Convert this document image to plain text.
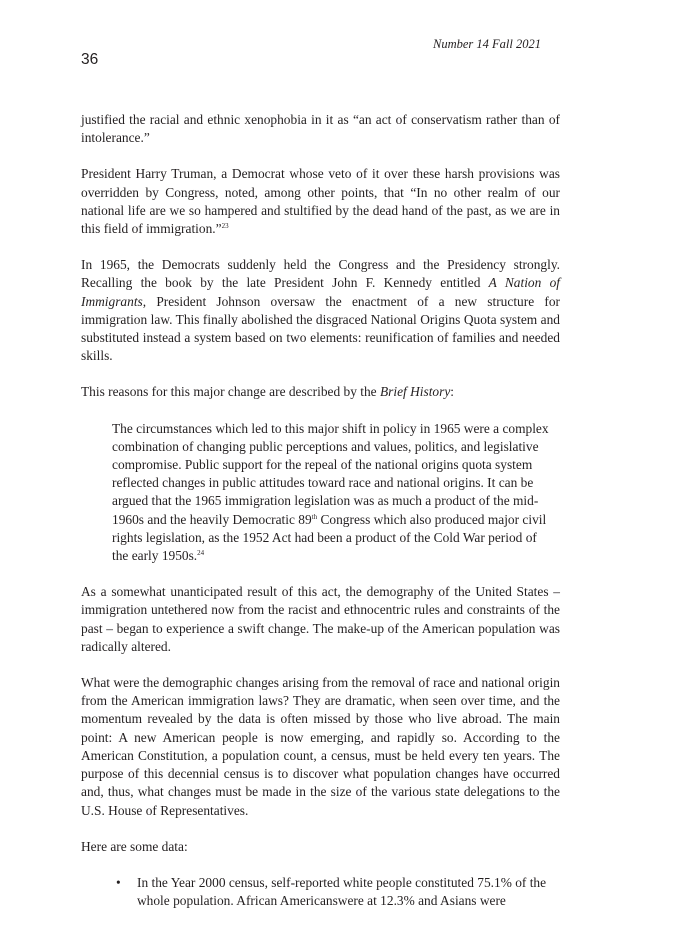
Number 14 Fall 2021
36

justified the racial and ethnic xenophobia in it as “an act of conservatism rather than of intolerance.”

President Harry Truman, a Democrat whose veto of it over these harsh provisions was overridden by Congress, noted, among other points, that “In no other realm of our national life are we so hampered and stultified by the dead hand of the past, as we are in this field of immigration.”$^{23}$

In 1965, the Democrats suddenly held the Congress and the Presidency strongly. Recalling the book by the late President John F. Kennedy entitled A Nation of Immigrants, President Johnson oversaw the enactment of a new structure for immigration law. This finally abolished the disgraced National Origins Quota system and substituted instead a system based on two elements: reunification of families and needed skills.

This reasons for this major change are described by the Brief History:

The circumstances which led to this major shift in policy in 1965 were a complex combination of changing public perceptions and values, politics, and legislative compromise. Public support for the repeal of the national origins quota system reflected changes in public attitudes toward race and national origins. It can be argued that the 1965 immigration legislation was as much a product of the mid-1960s and the heavily Democratic 89th Congress which also produced major civil rights legislation, as the 1952 Act had been a product of the Cold War period of the early 1950s.$^{24}$

As a somewhat unanticipated result of this act, the demography of the United States – immigration untethered now from the racist and ethnocentric rules and constraints of the past – began to experience a swift change. The make-up of the American population was radically altered.

What were the demographic changes arising from the removal of race and national origin from the American immigration laws? They are dramatic, when seen over time, and the momentum revealed by the data is often missed by those who live abroad. The main point: A new American people is now emerging, and rapidly so. According to the American Constitution, a population count, a census, must be held every ten years. The purpose of this decennial census is to discover what population changes have occurred and, thus, what changes must be made in the size of the various state delegations to the U.S. House of Representatives.

Here are some data:

• In the Year 2000 census, self-reported white people constituted 75.1% of the whole population. African Americanswere at 12.3% and Asians were
